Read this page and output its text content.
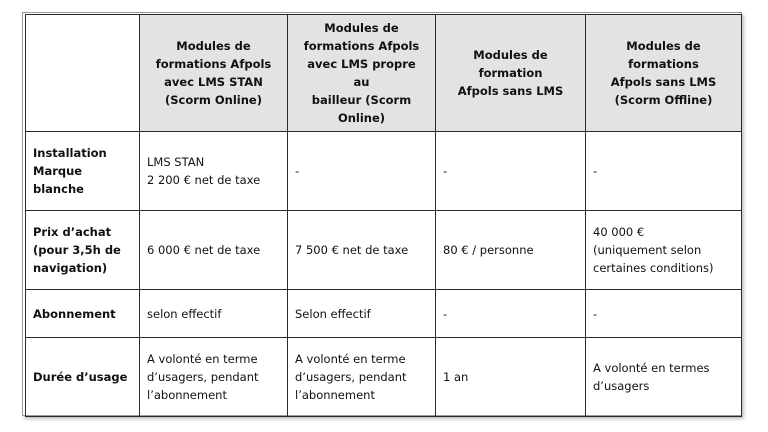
	Modules de
formations Afpols
avec LMS STAN
(Scorm Online)	Modules de
formations Afpols
avec LMS propre au
bailleur (Scorm
Online)	Modules de formation
Afpols sans LMS	Modules de formations
Afpols sans LMS
(Scorm Offline)

Installation
Marque blanche	LMS STAN
2 200 € net de taxe	-	-	-

Prix d’achat
(pour 3,5h de
navigation)	6 000 € net de taxe	7 500 € net de taxe	80 € / personne	40 000 €
(uniquement selon
certaines conditions)

Abonnement	selon effectif	Selon effectif	-	-

Durée d’usage	A volonté en terme
d’usagers, pendant
l’abonnement	A volonté en terme
d’usagers, pendant
l’abonnement	1 an	A volonté en termes
d’usagers
